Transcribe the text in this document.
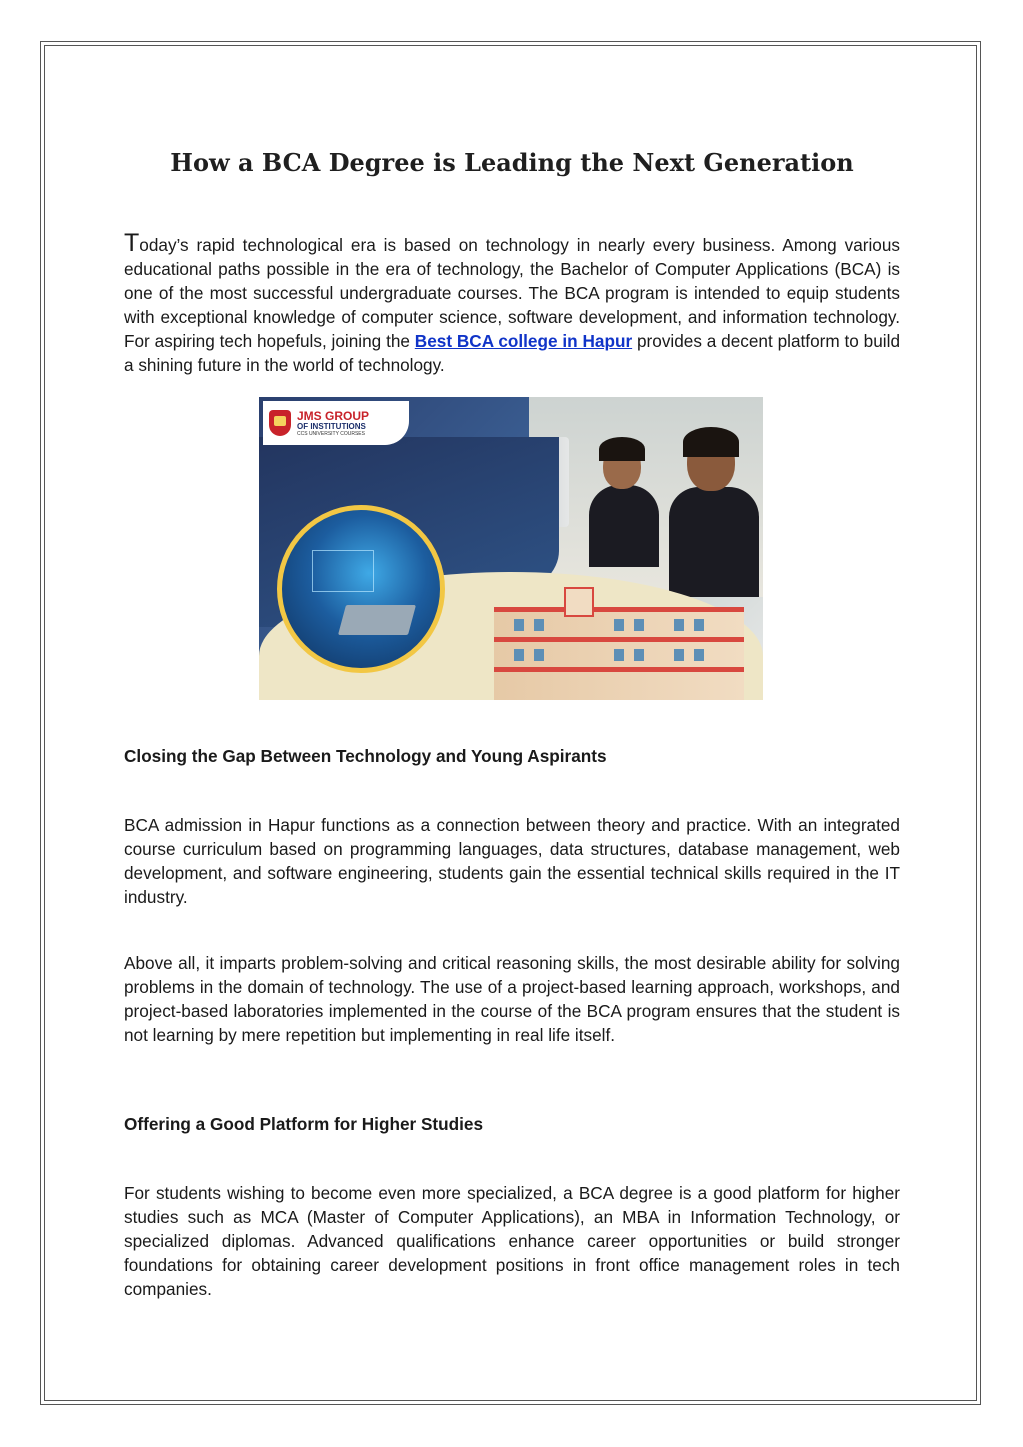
How a BCA Degree is Leading the Next Generation

Today’s rapid technological era is based on technology in nearly every business. Among various educational paths possible in the era of technology, the Bachelor of Computer Applications (BCA) is one of the most successful undergraduate courses. The BCA program is intended to equip students with exceptional knowledge of computer science, software development, and information technology. For aspiring tech hopefuls, joining the Best BCA college in Hapur provides a decent platform to build a shining future in the world of technology.

JMS GROUP
OF INSTITUTIONS
CCS UNIVERSITY COURSES
Closing the Gap Between Technology and Young Aspirants

BCA admission in Hapur functions as a connection between theory and practice. With an integrated course curriculum based on programming languages, data structures, database management, web development, and software engineering, students gain the essential technical skills required in the IT industry.

Above all, it imparts problem-solving and critical reasoning skills, the most desirable ability for solving problems in the domain of technology. The use of a project-based learning approach, workshops, and project-based laboratories implemented in the course of the BCA program ensures that the student is not learning by mere repetition but implementing in real life itself.

Offering a Good Platform for Higher Studies

For students wishing to become even more specialized, a BCA degree is a good platform for higher studies such as MCA (Master of Computer Applications), an MBA in Information Technology, or specialized diplomas. Advanced qualifications enhance career opportunities or build stronger foundations for obtaining career development positions in front office management roles in tech companies.
